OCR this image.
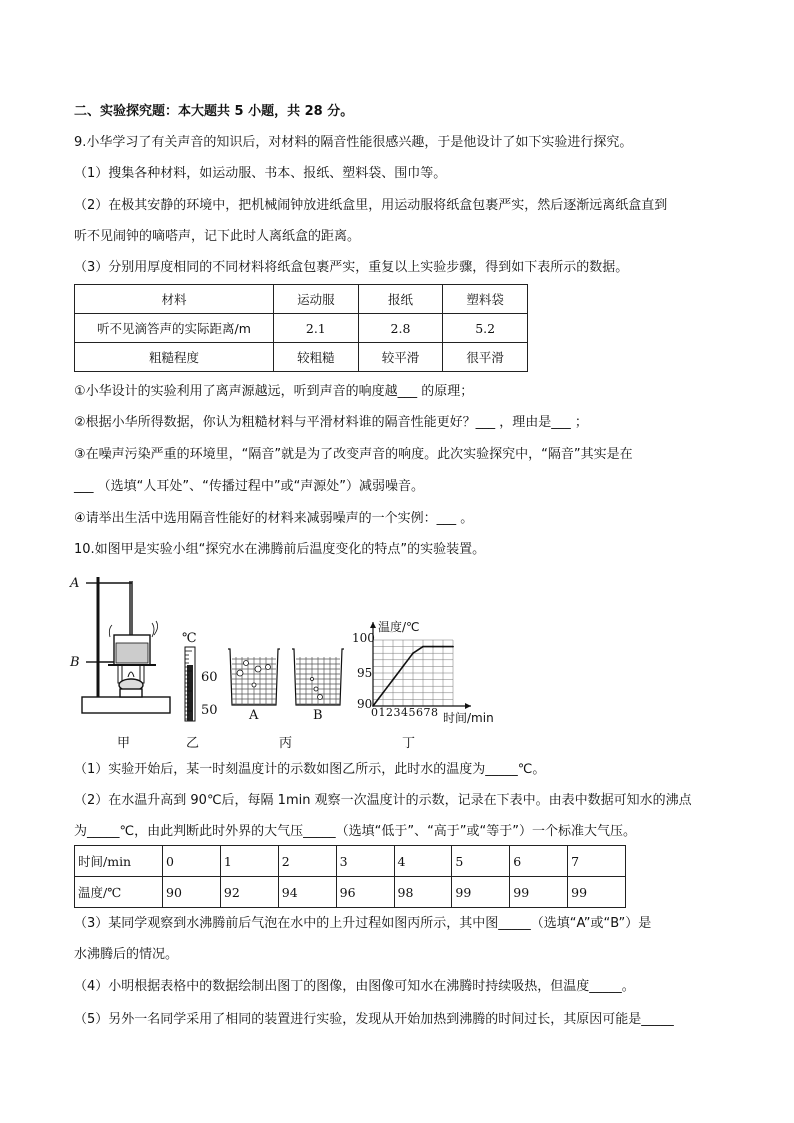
二、实验探究题：本大题共 5 小题，共 28 分。
9.小华学习了有关声音的知识后，对材料的隔音性能很感兴趣，于是他设计了如下实验进行探究。
（1）搜集各种材料，如运动服、书本、报纸、塑料袋、围巾等。
（2）在极其安静的环境中，把机械闹钟放进纸盒里，用运动服将纸盒包裹严实，然后逐渐远离纸盒直到
听不见闹钟的嘀嗒声，记下此时人离纸盒的距离。
（3）分别用厚度相同的不同材料将纸盒包裹严实，重复以上实验步骤，得到如下表所示的数据。
材料	运动服	报纸	塑料袋
听不见滴答声的实际距离/m	2.1	2.8	5.2
粗糙程度	较粗糙	较平滑	很平滑
①小华设计的实验利用了离声源越远，听到声音的响度越___ 的原理；
②根据小华所得数据，你认为粗糙材料与平滑材料谁的隔音性能更好？___ ，理由是___ ；
③在噪声污染严重的环境里，“隔音”就是为了改变声音的响度。此次实验探究中，“隔音”其实是在
___ （选填“人耳处”、“传播过程中”或“声源处”）减弱噪音。
④请举出生活中选用隔音性能好的材料来减弱噪声的一个实例：___ 。
10.如图甲是实验小组“探究水在沸腾前后温度变化的特点”的实验装置。
A
B
℃
60
50 A	B
温度/℃
100
95
90
012345678 时间/min
甲	乙	丙	丁
（1）实验开始后，某一时刻温度计的示数如图乙所示，此时水的温度为_____℃。
（2）在水温升高到 90℃后，每隔 1min 观察一次温度计的示数，记录在下表中。由表中数据可知水的沸点
为_____℃，由此判断此时外界的大气压_____（选填“低于”、“高于”或“等于”）一个标准大气压。
时间/min	0	1	2	3	4	5	6	7
温度/℃	90	92	94	96	98	99	99	99
（3）某同学观察到水沸腾前后气泡在水中的上升过程如图丙所示，其中图_____（选填“A”或“B”）是
水沸腾后的情况。
（4）小明根据表格中的数据绘制出图丁的图像，由图像可知水在沸腾时持续吸热，但温度_____。
（5）另外一名同学采用了相同的装置进行实验，发现从开始加热到沸腾的时间过长，其原因可能是_____
